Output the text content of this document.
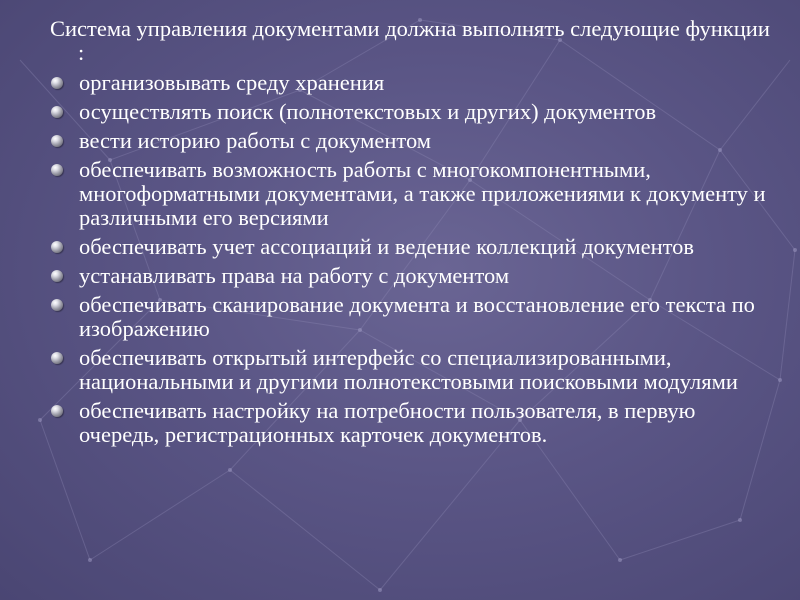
Система управления документами должна выполнять следующие функции :

организовывать среду хранения
осуществлять поиск (полнотекстовых и других) документов
вести историю работы с документом
обеспечивать возможность работы с многокомпонентными, многоформатными документами, а также приложениями к документу и различными его версиями
обеспечивать учет ассоциаций и ведение коллекций документов
устанавливать права на работу с документом
обеспечивать сканирование документа и восстановление его текста по изображению
обеспечивать открытый интерфейс со специализированными, национальными и другими полнотекстовыми поисковыми модулями
обеспечивать настройку на потребности пользователя, в первую очередь, регистрационных карточек документов.
